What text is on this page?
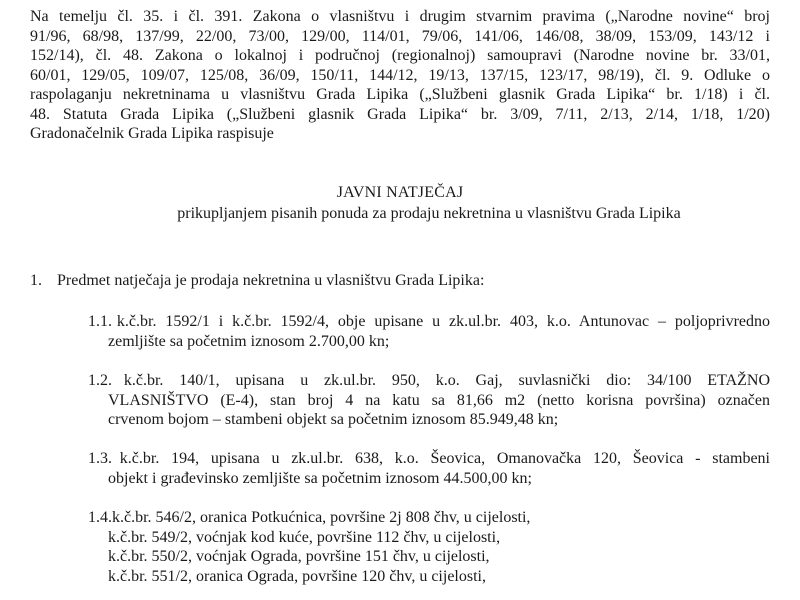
Na temelju čl. 35. i čl. 391. Zakona o vlasništvu i drugim stvarnim pravima („Narodne novine“ broj
91/96, 68/98, 137/99, 22/00, 73/00, 129/00, 114/01, 79/06, 141/06, 146/08, 38/09, 153/09, 143/12 i
152/14), čl. 48. Zakona o lokalnoj i područnoj (regionalnoj) samoupravi (Narodne novine br. 33/01,
60/01, 129/05, 109/07, 125/08, 36/09, 150/11, 144/12, 19/13, 137/15, 123/17, 98/19), čl. 9. Odluke o
raspolaganju nekretninama u vlasništvu Grada Lipika („Službeni glasnik Grada Lipika“ br. 1/18) i čl.
48. Statuta Grada Lipika („Službeni glasnik Grada Lipika“ br. 3/09, 7/11, 2/13, 2/14, 1/18, 1/20)
Gradonačelnik Grada Lipika raspisuje
JAVNI NATJEČAJ
prikupljanjem pisanih ponuda za prodaju nekretnina u vlasništvu Grada Lipika
1. Predmet natječaja je prodaja nekretnina u vlasništvu Grada Lipika:
1.1. k.č.br. 1592/1 i k.č.br. 1592/4, obje upisane u zk.ul.br. 403, k.o. Antunovac – poljoprivredno
zemljište sa početnim iznosom 2.700,00 kn;
1.2. k.č.br. 140/1, upisana u zk.ul.br. 950, k.o. Gaj, suvlasnički dio: 34/100 ETAŽNO
VLASNIŠTVO (E-4), stan broj 4 na katu sa 81,66 m2 (netto korisna površina) označen
crvenom bojom – stambeni objekt sa početnim iznosom 85.949,48 kn;
1.3. k.č.br. 194, upisana u zk.ul.br. 638, k.o. Šeovica, Omanovačka 120, Šeovica - stambeni
objekt i građevinsko zemljište sa početnim iznosom 44.500,00 kn;
1.4. k.č.br. 546/2, oranica Potkućnica, površine 2j 808 čhv, u cijelosti,
k.č.br. 549/2, voćnjak kod kuće, površine 112 čhv, u cijelosti,
k.č.br. 550/2, voćnjak Ograda, površine 151 čhv, u cijelosti,
k.č.br. 551/2, oranica Ograda, površine 120 čhv, u cijelosti,
